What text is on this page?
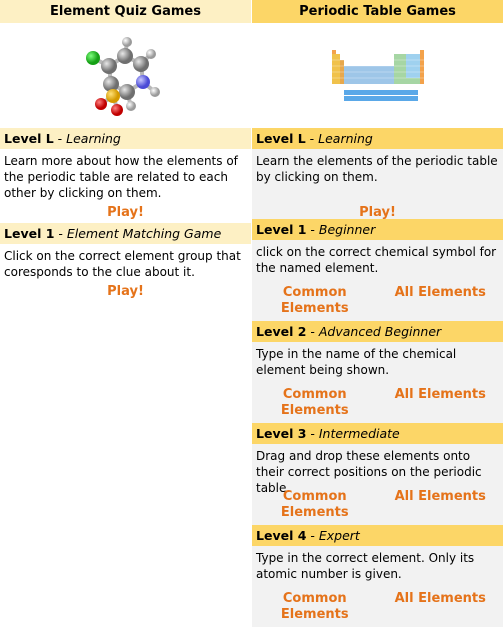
Element Quiz Games
Level L - Learning
Learn more about how the elements of the periodic table are related to each other by clicking on them.
Play!
Level 1 - Element Matching Game
Click on the correct element group that coresponds to the clue about it.
Play!
Periodic Table Games
Level L - Learning
Learn the elements of the periodic table by clicking on them.
Play!
Level 1 - Beginner
click on the correct chemical symbol for the named element.
Common Elements
All Elements
Level 2 - Advanced Beginner
Type in the name of the chemical element being shown.
Common Elements
All Elements
Level 3 - Intermediate
Drag and drop these elements onto their correct positions on the periodic table.
Common Elements
All Elements
Level 4 - Expert
Type in the correct element. Only its atomic number is given.
Common Elements
All Elements
